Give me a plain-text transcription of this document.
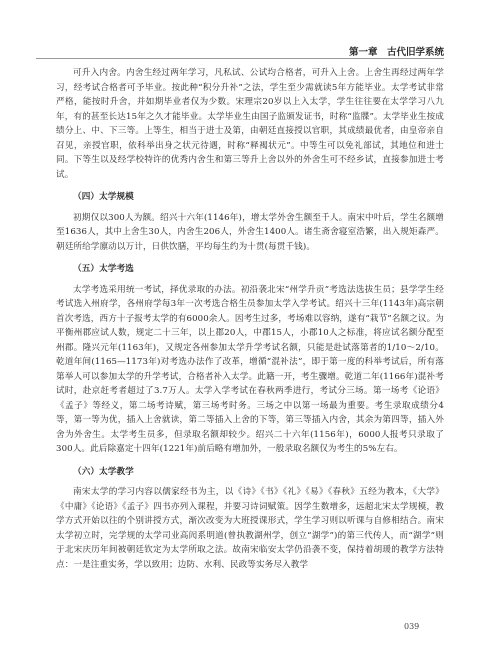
第一章　古代旧学系统

可升入内舍。内舍生经过两年学习，凡私试、公试均合格者，可升入上舍。上舍生再经过两年学习，经考试合格者可予毕业。按此种“积分升补”之法，学生至少需就读5年方能毕业。太学考试非常严格，能按时升舍，并如期毕业者仅为少数。宋理宗20岁以上入太学，学生往往要在太学学习八九年，有的甚至长达15年之久才能毕业。太学毕业生由国子监颁发证书，时称“监牒”。太学毕业生按成绩分上、中、下三等。上等生，相当于进士及第，由朝廷直接授以官职，其成绩最优者，由皇帝亲自召见，亲授官职，依科举出身之状元待遇，时称“释褐状元”。中等生可以免礼部试，其地位和进士同。下等生以及经学校特许的优秀内舍生和第三等升上舍以外的外舍生可不经乡试，直接参加进士考试。

（四）太学规模

初期仅以300人为额。绍兴十六年(1146年)，增太学外舍生额至千人。南宋中叶后，学生名额增至1636人，其中上舍生30人，内舍生206人，外舍生1400人。诸生斋舍寝室浩繁，出入规矩森严。朝廷所给学廪动以万计，日供饮膳，平均每生约为十贯(每贯千钱)。

（五）太学考选

太学考选采用统一考试，择优录取的办法。初沿袭北宋“州学升贡”考选法选拔生员；县学学生经考试选入州府学，各州府学每3年一次考选合格生员参加太学入学考试。绍兴十三年(1143年)高宗朝首次考选，西方十子报考太学的有6000余人。因考生过多，考场难以容纳，遂有“栽节”名额之议。为平衡州郡应试人数，规定二十三年，以上郡20人，中郡15人，小郡10人之标准，将应试名额分配至州郡。隆兴元年(1163年)，又规定各州参加太学升学考试名额，只能是赴试落第者的1/10～2/10。乾道年间(1165—1173年)对考选办法作了改革，增循“混补法”，即于第一度的科举考试后，所有落第举人可以参加太学的升学考试，合格者补入太学。此籍一开，考生骤增。乾道二年(1166年)混补考试时，赴京赶考者超过了3.7万人。太学入学考试在春秋两季进行，考试分三场。第一场考《论语》《孟子》等经义，第二场考诗赋，第三场考时务。三场之中以第一场最为重要。考生录取成绩分4等，第一等为优，插入上舍就读，第二等插入上舍的下等，第三等插入内舍，其余为第四等，插入外舍为外舍生。太学考生员多，但录取名额却较少。绍兴二十六年(1156年)，6000人报考只录取了300人。此后除嘉定十四年(1221年)前后略有增加外，一般录取名额仅为考生的5%左右。

（六）太学教学

南宋太学的学习内容以儒家经书为主，以《诗》《书》《礼》《易》《春秋》五经为教本，《大学》《中庸》《论语》《孟子》四书亦列入课程，并要习诗词赋策。因学生数增多，远超北宋太学规模，教学方式开始以往的个别讲授方式，渐次改变为大班授课形式，学生学习则以听课与自修相结合。南宋太学初立时，完学规的太学司业高闶系明道(曾执教湖州学，创立“湖学”)的第三代传人，而“湖学”则于北宋庆历年间被朝廷钦定为太学所取之法。故南宋临安太学仍沿袭不变，保持着胡瑗的教学方法特点：一是注重实务，学以致用；边防、水利、民政等实务尽入教学

039
